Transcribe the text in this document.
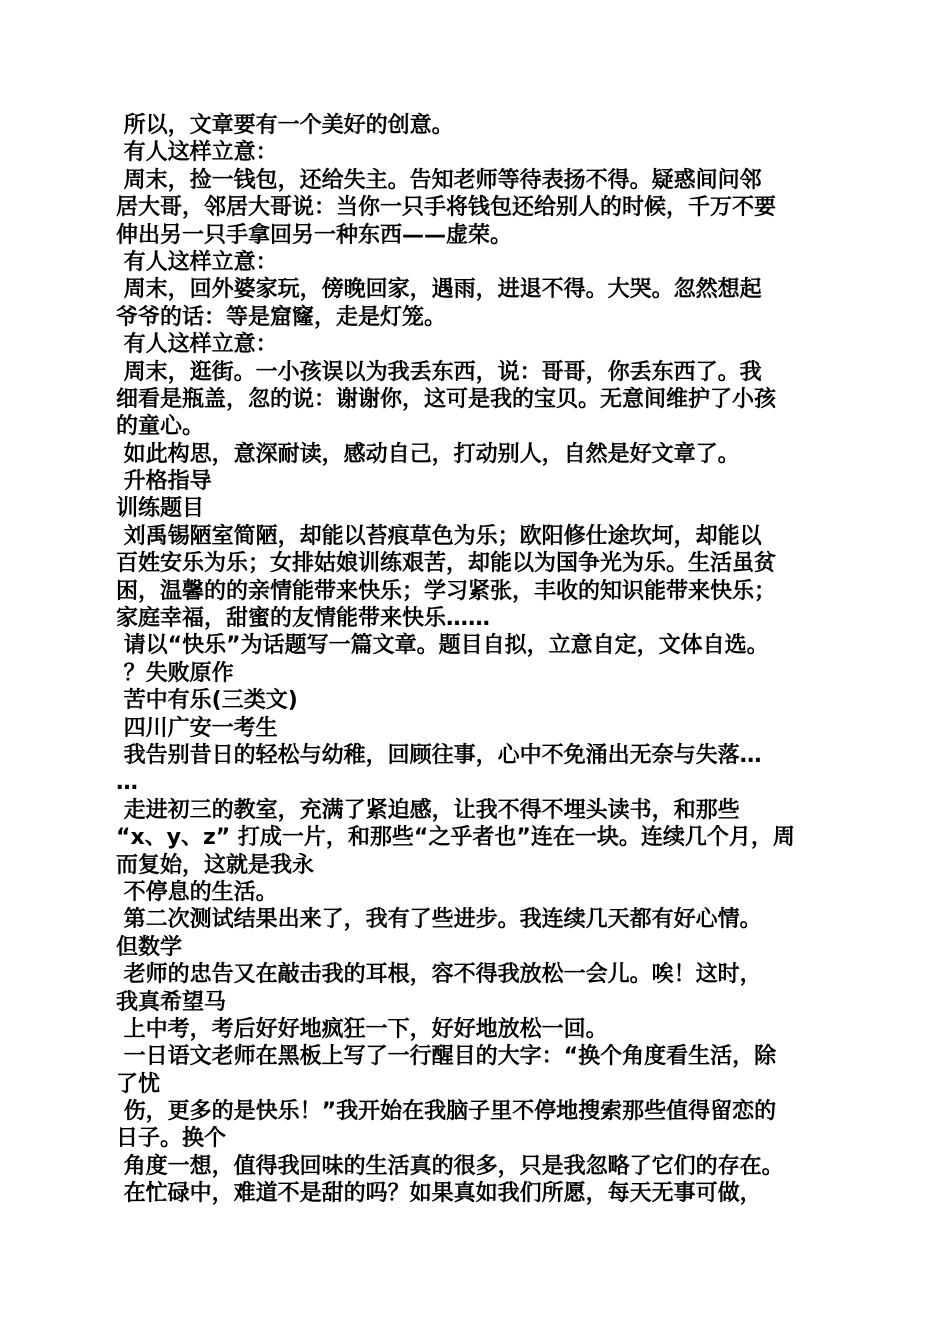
所以，文章要有一个美好的创意。
有人这样立意：
周末，捡一钱包，还给失主。告知老师等待表扬不得。疑惑间问邻
居大哥，邻居大哥说：当你一只手将钱包还给别人的时候，千万不要
伸出另一只手拿回另一种东西——虚荣。
有人这样立意：
周末，回外婆家玩，傍晚回家，遇雨，进退不得。大哭。忽然想起
爷爷的话：等是窟窿，走是灯笼。
有人这样立意：
周末，逛街。一小孩误以为我丢东西，说：哥哥，你丢东西了。我
细看是瓶盖，忽的说：谢谢你，这可是我的宝贝。无意间维护了小孩
的童心。
如此构思，意深耐读，感动自己，打动别人，自然是好文章了。
升格指导
训练题目
刘禹锡陋室简陋，却能以苔痕草色为乐；欧阳修仕途坎坷，却能以
百姓安乐为乐；女排姑娘训练艰苦，却能以为国争光为乐。生活虽贫
困，温馨的的亲情能带来快乐；学习紧张，丰收的知识能带来快乐；
家庭幸福，甜蜜的友情能带来快乐……
请以“快乐”为话题写一篇文章。题目自拟，立意自定，文体自选。
？失败原作
苦中有乐(三类文)
四川广安一考生
我告别昔日的轻松与幼稚，回顾往事，心中不免涌出无奈与失落…
…
走进初三的教室，充满了紧迫感，让我不得不埋头读书，和那些
“x、y、z” 打成一片，和那些“之乎者也”连在一块。连续几个月，周
而复始，这就是我永
不停息的生活。
第二次测试结果出来了，我有了些进步。我连续几天都有好心情。
但数学
老师的忠告又在敲击我的耳根，容不得我放松一会儿。唉！这时，
我真希望马
上中考，考后好好地疯狂一下，好好地放松一回。
一日语文老师在黑板上写了一行醒目的大字：“换个角度看生活，除
了忧
伤，更多的是快乐！”我开始在我脑子里不停地搜索那些值得留恋的
日子。换个
角度一想，值得我回味的生活真的很多，只是我忽略了它们的存在。
在忙碌中，难道不是甜的吗？如果真如我们所愿，每天无事可做，
